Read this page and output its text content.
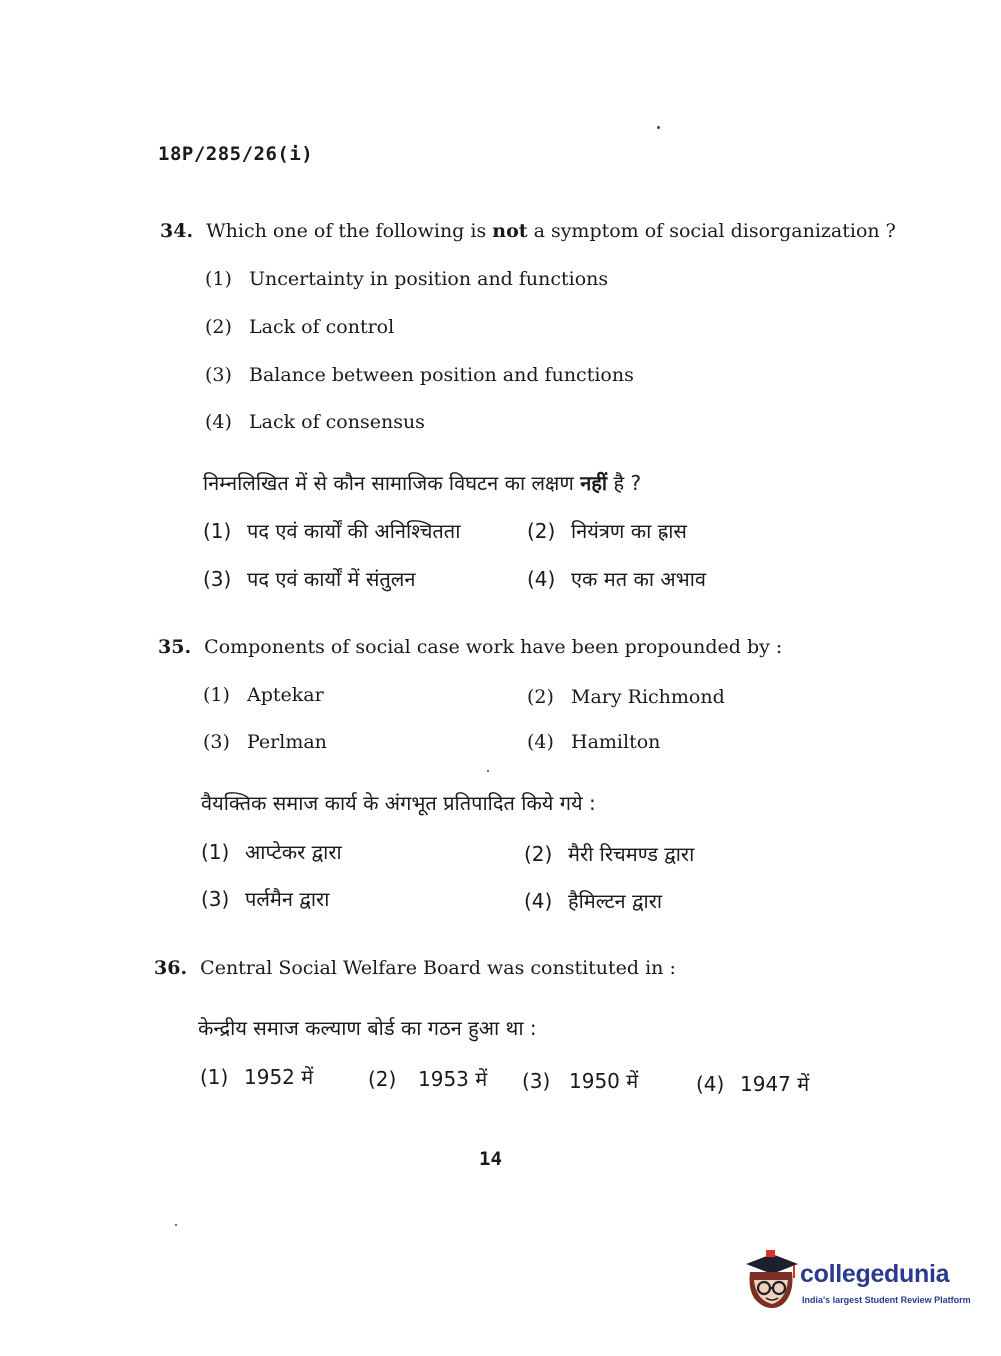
18P/285/26(i)
34. Which one of the following is not a symptom of social disorganization ?
(1) Uncertainty in position and functions
(2) Lack of control
(3) Balance between position and functions
(4) Lack of consensus
निम्नलिखित में से कौन सामाजिक विघटन का लक्षण नहीं है ?
(1) पद एवं कार्यों की अनिश्चितता	(2) नियंत्रण का ह्रास
(3) पद एवं कार्यों में संतुलन	(4) एक मत का अभाव
35. Components of social case work have been propounded by :
(1) Aptekar	(2) Mary Richmond
(3) Perlman	(4) Hamilton
वैयक्तिक समाज कार्य के अंगभूत प्रतिपादित किये गये :
(1) आप्टेकर द्वारा	(2) मैरी रिचमण्ड द्वारा
(3) पर्लमैन द्वारा	(4) हैमिल्टन द्वारा
36. Central Social Welfare Board was constituted in :
केन्द्रीय समाज कल्याण बोर्ड का गठन हुआ था :
(1) 1952 में	(2) 1953 में (3) 1950 में	(4) 1947 में
14
collegedunia
India's largest Student Review Platform
